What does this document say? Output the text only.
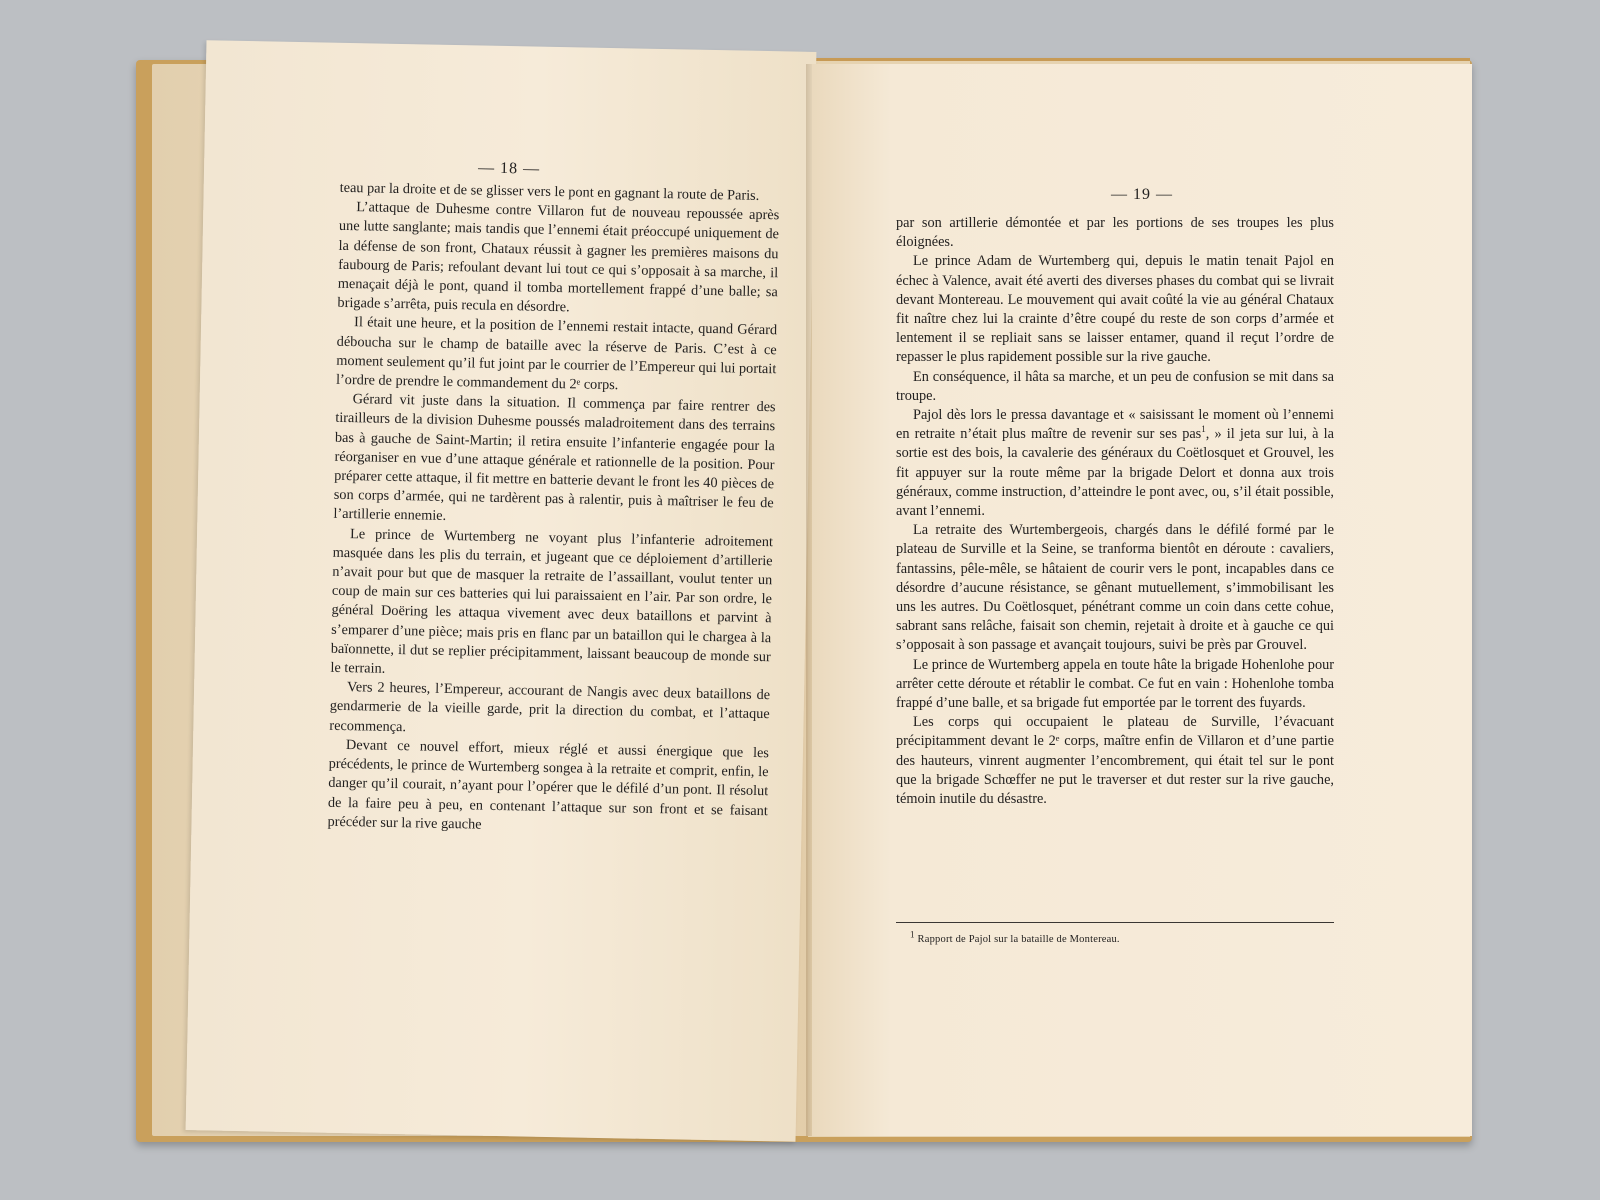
— 18 —

teau par la droite et de se glisser vers le pont en gagnant la route de Paris.

L’attaque de Duhesme contre Villaron fut de nouveau repoussée après une lutte sanglante; mais tandis que l’ennemi était préoccupé uniquement de la défense de son front, Chataux réussit à gagner les premières maisons du faubourg de Paris; refoulant devant lui tout ce qui s’opposait à sa marche, il menaçait déjà le pont, quand il tomba mortellement frappé d’une balle; sa brigade s’arrêta, puis recula en désordre.

Il était une heure, et la position de l’ennemi restait intacte, quand Gérard déboucha sur le champ de bataille avec la réserve de Paris. C’est à ce moment seulement qu’il fut joint par le courrier de l’Empereur qui lui portait l’ordre de prendre le commandement du 2ᵉ corps.

Gérard vit juste dans la situation. Il commença par faire rentrer des tirailleurs de la division Duhesme poussés maladroitement dans des terrains bas à gauche de Saint-Martin; il retira ensuite l’infanterie engagée pour la réorganiser en vue d’une attaque générale et rationnelle de la position. Pour préparer cette attaque, il fit mettre en batterie devant le front les 40 pièces de son corps d’armée, qui ne tardèrent pas à ralentir, puis à maîtriser le feu de l’artillerie ennemie.

Le prince de Wurtemberg ne voyant plus l’infanterie adroitement masquée dans les plis du terrain, et jugeant que ce déploiement d’artillerie n’avait pour but que de masquer la retraite de l’assaillant, voulut tenter un coup de main sur ces batteries qui lui paraissaient en l’air. Par son ordre, le général Doëring les attaqua vivement avec deux bataillons et parvint à s’emparer d’une pièce; mais pris en flanc par un bataillon qui le chargea à la baïonnette, il dut se replier précipitamment, laissant beaucoup de monde sur le terrain.

Vers 2 heures, l’Empereur, accourant de Nangis avec deux bataillons de gendarmerie de la vieille garde, prit la direction du combat, et l’attaque recommença.

Devant ce nouvel effort, mieux réglé et aussi énergique que les précédents, le prince de Wurtemberg songea à la retraite et comprit, enfin, le danger qu’il courait, n’ayant pour l’opérer que le défilé d’un pont. Il résolut de la faire peu à peu, en contenant l’attaque sur son front et se faisant précéder sur la rive gauche

— 19 —

par son artillerie démontée et par les portions de ses troupes les plus éloignées.

Le prince Adam de Wurtemberg qui, depuis le matin tenait Pajol en échec à Valence, avait été averti des diverses phases du combat qui se livrait devant Montereau. Le mouvement qui avait coûté la vie au général Chataux fit naître chez lui la crainte d’être coupé du reste de son corps d’armée et lentement il se repliait sans se laisser entamer, quand il reçut l’ordre de repasser le plus rapidement possible sur la rive gauche.

En conséquence, il hâta sa marche, et un peu de confusion se mit dans sa troupe.

Pajol dès lors le pressa davantage et « saisissant le moment où l’ennemi en retraite n’était plus maître de revenir sur ses pas$^1$, » il jeta sur lui, à la sortie est des bois, la cavalerie des généraux du Coëtlosquet et Grouvel, les fit appuyer sur la route même par la brigade Delort et donna aux trois généraux, comme instruction, d’atteindre le pont avec, ou, s’il était possible, avant l’ennemi.

La retraite des Wurtembergeois, chargés dans le défilé formé par le plateau de Surville et la Seine, se tranforma bientôt en déroute : cavaliers, fantassins, pêle-mêle, se hâtaient de courir vers le pont, incapables dans ce désordre d’aucune résistance, se gênant mutuellement, s’immobilisant les uns les autres. Du Coëtlosquet, pénétrant comme un coin dans cette cohue, sabrant sans relâche, faisait son chemin, rejetait à droite et à gauche ce qui s’opposait à son passage et avançait toujours, suivi be près par Grouvel.

Le prince de Wurtemberg appela en toute hâte la brigade Hohenlohe pour arrêter cette déroute et rétablir le combat. Ce fut en vain : Hohenlohe tomba frappé d’une balle, et sa brigade fut emportée par le torrent des fuyards.

Les corps qui occupaient le plateau de Surville, l’évacuant précipitamment devant le 2ᵉ corps, maître enfin de Villaron et d’une partie des hauteurs, vinrent augmenter l’encombrement, qui était tel sur le pont que la brigade Schœffer ne put le traverser et dut rester sur la rive gauche, témoin inutile du désastre.

1 Rapport de Pajol sur la bataille de Montereau.
